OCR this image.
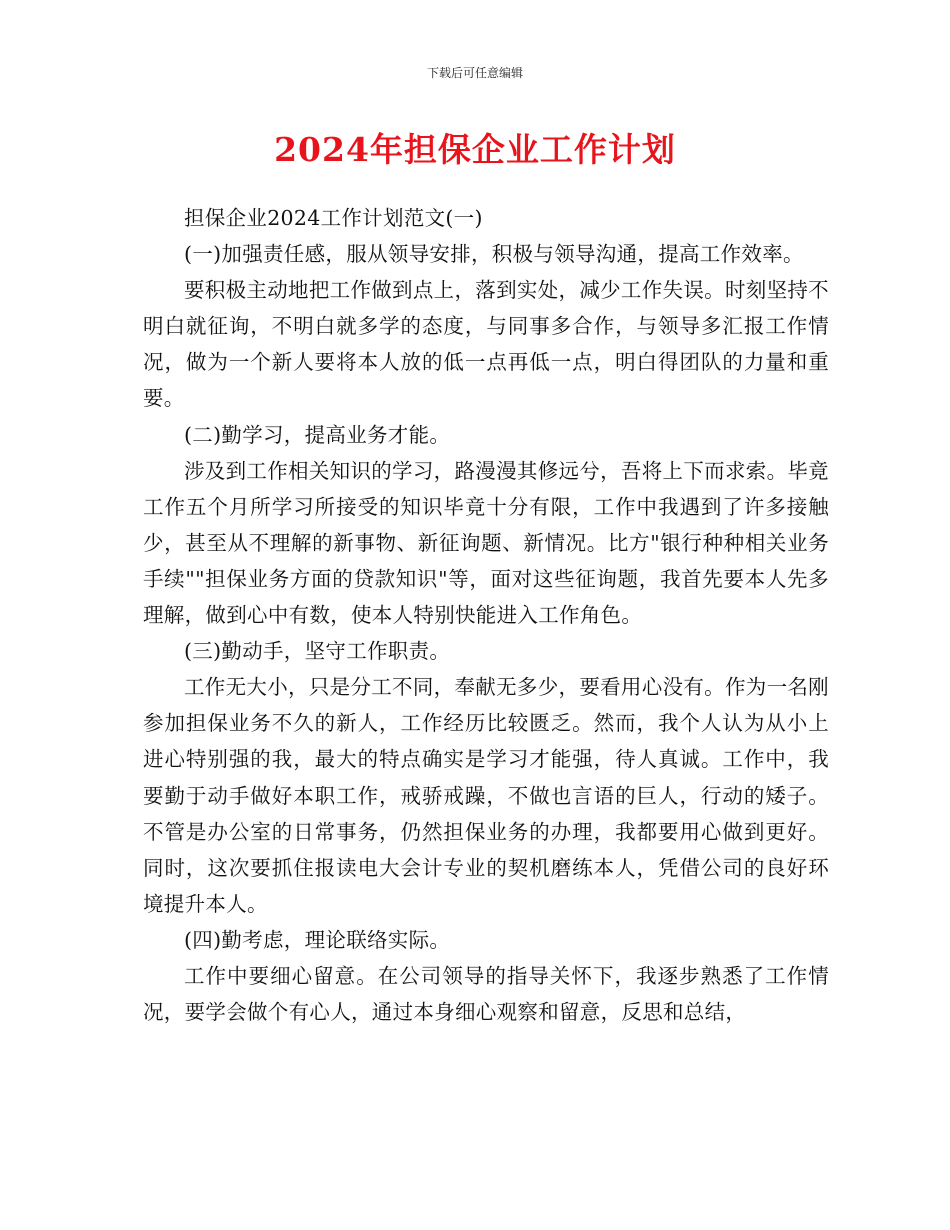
下载后可任意编辑
2024年担保企业工作计划

担保企业2024工作计划范文(一)

(一)加强责任感，服从领导安排，积极与领导沟通，提高工作效率。

要积极主动地把工作做到点上，落到实处，减少工作失误。时刻坚持不明白就征询，不明白就多学的态度，与同事多合作，与领导多汇报工作情况，做为一个新人要将本人放的低一点再低一点，明白得团队的力量和重要。

(二)勤学习，提高业务才能。

涉及到工作相关知识的学习，路漫漫其修远兮，吾将上下而求索。毕竟工作五个月所学习所接受的知识毕竟十分有限，工作中我遇到了许多接触少，甚至从不理解的新事物、新征询题、新情况。比方"银行种种相关业务手续""担保业务方面的贷款知识"等，面对这些征询题，我首先要本人先多理解，做到心中有数，使本人特别快能进入工作角色。

(三)勤动手，坚守工作职责。

工作无大小，只是分工不同，奉献无多少，要看用心没有。作为一名刚参加担保业务不久的新人，工作经历比较匮乏。然而，我个人认为从小上进心特别强的我，最大的特点确实是学习才能强，待人真诚。工作中，我要勤于动手做好本职工作，戒骄戒躁，不做也言语的巨人，行动的矮子。不管是办公室的日常事务，仍然担保业务的办理，我都要用心做到更好。同时，这次要抓住报读电大会计专业的契机磨练本人，凭借公司的良好环境提升本人。

(四)勤考虑，理论联络实际。

工作中要细心留意。在公司领导的指导关怀下，我逐步熟悉了工作情况，要学会做个有心人，通过本身细心观察和留意，反思和总结，
